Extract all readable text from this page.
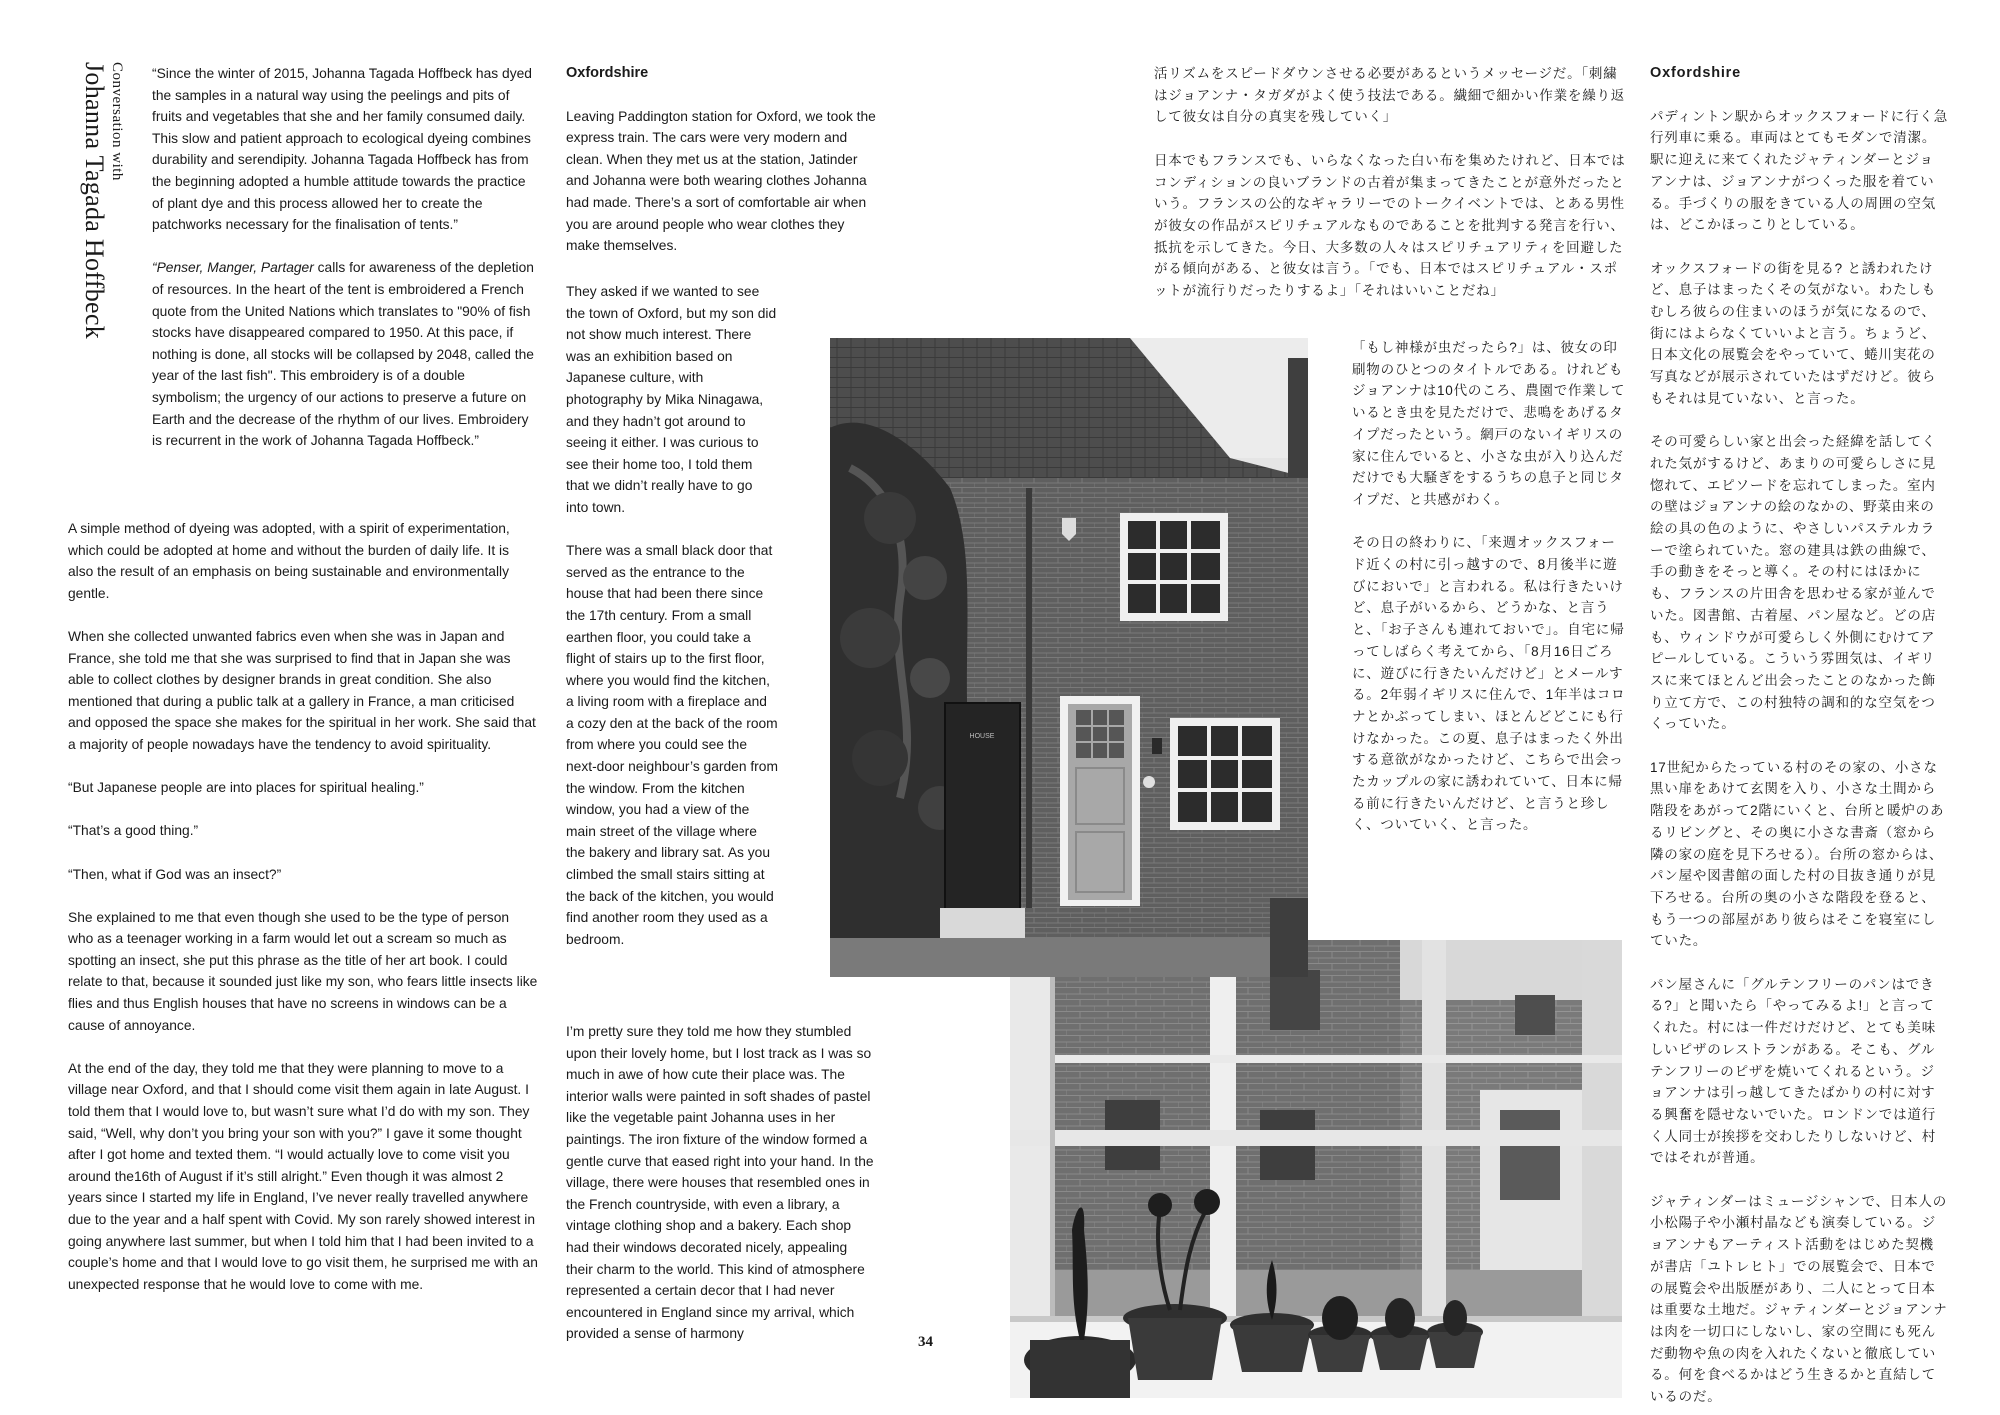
Conversation with
Johanna Tagada Hoffbeck	“Since the winter of 2015, Johanna Tagada Hoffbeck has dyed the samples in a natural way using the peelings and pits of fruits and vegetables that she and her family consumed daily. This slow and patient approach to ecological dyeing combines durability and serendipity. Johanna Tagada Hoffbeck has from the beginning adopted a humble attitude towards the practice of plant dye and this process allowed her to create the patchworks necessary for the finalisation of tents.”

“Penser, Manger, Partager calls for awareness of the depletion of resources. In the heart of the tent is embroidered a French quote from the United Nations which translates to "90% of fish stocks have disappeared compared to 1950. At this pace, if nothing is done, all stocks will be collapsed by 2048, called the year of the last fish". This embroidery is of a double symbolism; the urgency of our actions to preserve a future on Earth and the decrease of the rhythm of our lives. Embroidery is recurrent in the work of Johanna Tagada Hoffbeck.”

A simple method of dyeing was adopted, with a spirit of experimentation, which could be adopted at home and without the burden of daily life. It is also the result of an emphasis on being sustainable and environmentally gentle.

When she collected unwanted fabrics even when she was in Japan and France, she told me that she was surprised to find that in Japan she was able to collect clothes by designer brands in great condition. She also mentioned that during a public talk at a gallery in France, a man criticised and opposed the space she makes for the spiritual in her work. She said that a majority of people nowadays have the tendency to avoid spirituality.

“But Japanese people are into places for spiritual healing.”

“That’s a good thing.”

“Then, what if God was an insect?”

She explained to me that even though she used to be the type of person who as a teenager working in a farm would let out a scream so much as spotting an insect, she put this phrase as the title of her art book. I could relate to that, because it sounded just like my son, who fears little insects like flies and thus English houses that have no screens in windows can be a cause of annoyance.

At the end of the day, they told me that they were planning to move to a village near Oxford, and that I should come visit them again in late August. I told them that I would love to, but wasn’t sure what I’d do with my son. They said, “Well, why don’t you bring your son with you?” I gave it some thought after I got home and texted them. “I would actually love to come visit you around the16th of August if it’s still alright.” Even though it was almost 2 years since I started my life in England, I’ve never really travelled anywhere due to the year and a half spent with Covid. My son rarely showed interest in going anywhere last summer, but when I told him that I had been invited to a couple’s home and that I would love to go visit them, he surprised me with an unexpected response that he would love to come with me.

Oxfordshire

Leaving Paddington station for Oxford, we took the express train. The cars were very modern and clean. When they met us at the station, Jatinder and Johanna were both wearing clothes Johanna had made. There’s a sort of comfortable air when you are around people who wear clothes they make themselves.

They asked if we wanted to see the town of Oxford, but my son did not show much interest. There was an exhibition based on Japanese culture, with photography by Mika Ninagawa, and they hadn’t got around to seeing it either. I was curious to see their home too, I told them that we didn’t really have to go into town.

There was a small black door that served as the entrance to the house that had been there since the 17th century. From a small earthen floor, you could take a flight of stairs up to the first floor, where you would find the kitchen, a living room with a fireplace and a cozy den at the back of the room from where you could see the next-door neighbour’s garden from the window. From the kitchen window, you had a view of the main street of the village where the bakery and library sat. As you climbed the small stairs sitting at the back of the kitchen, you would find another room they used as a bedroom.

I’m pretty sure they told me how they stumbled upon their lovely home, but I lost track as I was so much in awe of how cute their place was. The interior walls were painted in soft shades of pastel like the vegetable paint Johanna uses in her paintings. The iron fixture of the window formed a gentle curve that eased right into your hand. In the village, there were houses that resembled ones in the French countryside, with even a library, a vintage clothing shop and a bakery. Each shop had their windows decorated nicely, appealing their charm to the world. This kind of atmosphere represented a certain decor that I had never encountered in England since my arrival, which provided a sense of harmony

34

活リズムをスピードダウンさせる必要があるというメッセージだ。「刺繍はジョアンナ・タガダがよく使う技法である。繊細で細かい作業を繰り返して彼女は自分の真実を残していく」

日本でもフランスでも、いらなくなった白い布を集めたけれど、日本ではコンディションの良いブランドの古着が集まってきたことが意外だったという。フランスの公的なギャラリーでのトークイベントでは、とある男性が彼女の作品がスピリチュアルなものであることを批判する発言を行い、抵抗を示してきた。今日、大多数の人々はスピリチュアリティを回避したがる傾向がある、と彼女は言う。「でも、日本ではスピリチュアル・スポットが流行りだったりするよ」「それはいいことだね」

「もし神様が虫だったら?」は、彼女の印刷物のひとつのタイトルである。けれどもジョアンナは10代のころ、農園で作業しているとき虫を見ただけで、悲鳴をあげるタイプだったという。網戸のないイギリスの家に住んでいると、小さな虫が入り込んだだけでも大騒ぎをするうちの息子と同じタイプだ、と共感がわく。

その日の終わりに、「来週オックスフォード近くの村に引っ越すので、8月後半に遊びにおいで」と言われる。私は行きたいけど、息子がいるから、どうかな、と言うと、「お子さんも連れておいで」。自宅に帰ってしばらく考えてから、「8月16日ごろに、遊びに行きたいんだけど」とメールする。2年弱イギリスに住んで、1年半はコロナとかぶってしまい、ほとんどどこにも行けなかった。この夏、息子はまったく外出する意欲がなかったけど、こちらで出会ったカップルの家に誘われていて、日本に帰る前に行きたいんだけど、と言うと珍しく、ついていく、と言った。

Oxfordshire

パディントン駅からオックスフォードに行く急行列車に乗る。車両はとてもモダンで清潔。駅に迎えに来てくれたジャティンダーとジョアンナは、ジョアンナがつくった服を着ている。手づくりの服をきている人の周囲の空気は、どこかほっこりとしている。

オックスフォードの街を見る? と誘われたけど、息子はまったくその気がない。わたしもむしろ彼らの住まいのほうが気になるので、街にはよらなくていいよと言う。ちょうど、日本文化の展覧会をやっていて、蜷川実花の写真などが展示されていたはずだけど。彼らもそれは見ていない、と言った。

その可愛らしい家と出会った経緯を話してくれた気がするけど、あまりの可愛らしさに見惚れて、エピソードを忘れてしまった。室内の壁はジョアンナの絵のなかの、野菜由来の絵の具の色のように、やさしいパステルカラーで塗られていた。窓の建具は鉄の曲線で、手の動きをそっと導く。その村にはほかにも、フランスの片田舎を思わせる家が並んでいた。図書館、古着屋、パン屋など。どの店も、ウィンドウが可愛らしく外側にむけてアピールしている。こういう雰囲気は、イギリスに来てほとんど出会ったことのなかった飾り立て方で、この村独特の調和的な空気をつくっていた。

17世紀からたっている村のその家の、小さな黒い扉をあけて玄関を入り、小さな土間から階段をあがって2階にいくと、台所と暖炉のあるリビングと、その奥に小さな書斎（窓から隣の家の庭を見下ろせる）。台所の窓からは、パン屋や図書館の面した村の目抜き通りが見下ろせる。台所の奥の小さな階段を登ると、もう一つの部屋があり彼らはそこを寝室にしていた。

パン屋さんに「グルテンフリーのパンはできる?」と聞いたら「やってみるよ!」と言ってくれた。村には一件だけだけど、とても美味しいピザのレストランがある。そこも、グルテンフリーのピザを焼いてくれるという。ジョアンナは引っ越してきたばかりの村に対する興奮を隠せないでいた。ロンドンでは道行く人同士が挨拶を交わしたりしないけど、村ではそれが普通。

ジャティンダーはミュージシャンで、日本人の小松陽子や小瀬村晶なども演奏している。ジョアンナもアーティスト活動をはじめた契機が書店「ユトレヒト」での展覧会で、日本での展覧会や出版歴があり、二人にとって日本は重要な土地だ。ジャティンダーとジョアンナは肉を一切口にしないし、家の空間にも死んだ動物や魚の肉を入れたくないと徹底している。何を食べるかはどう生きるかと直結しているのだ。

HOUSE
